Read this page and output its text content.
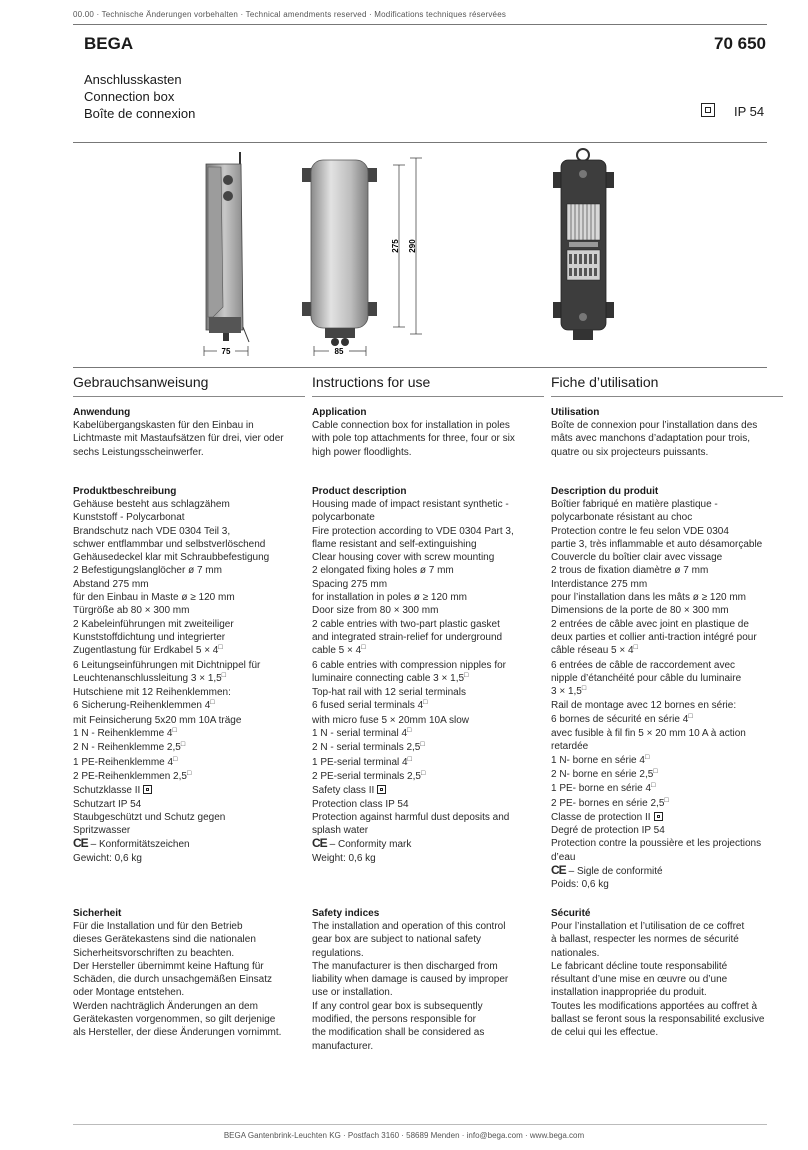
00.00 · Technische Änderungen vorbehalten · Technical amendments reserved · Modifications techniques réservées
BEGA	70 650
Anschlusskasten
Connection box
Boîte de connexion	IP 54
275 290
75	85
Gebrauchsanweisung
Anwendung
Kabelübergangskasten für den Einbau in
Lichtmaste mit Mastaufsätzen für drei, vier oder
sechs Leistungsscheinwerfer.
Produktbeschreibung
Gehäuse besteht aus schlagzähem
Kunststoff - Polycarbonat
Brandschutz nach VDE 0304 Teil 3,
schwer entflammbar und selbstverlöschend
Gehäusedeckel klar mit Schraubbefestigung
2 Befestigungslanglöcher ø 7 mm
Abstand 275 mm
für den Einbau in Maste ø ≥ 120 mm
Türgröße ab 80 × 300 mm
2 Kabeleinführungen mit zweiteiliger
Kunststoffdichtung und integrierter
Zugentlastung für Erdkabel 5 × 4□
6 Leitungseinführungen mit Dichtnippel für
Leuchtenanschlussleitung 3 × 1,5□
Hutschiene mit 12 Reihenklemmen:
6 Sicherung-Reihenklemmen 4□
mit Feinsicherung 5x20 mm 10A träge
1 N - Reihenklemme 4□
2 N - Reihenklemme 2,5□
1 PE-Reihenklemme 4□
2 PE-Reihenklemmen 2,5□
Schutzklasse II
Schutzart IP 54
Staubgeschützt und Schutz gegen
Spritzwasser
CE – Konformitätszeichen
Gewicht: 0,6 kg
Sicherheit
Für die Installation und für den Betrieb
dieses Gerätekastens sind die nationalen
Sicherheitsvorschriften zu beachten.
Der Hersteller übernimmt keine Haftung für
Schäden, die durch unsachgemäßen Einsatz
oder Montage entstehen.
Werden nachträglich Änderungen an dem
Gerätekasten vorgenommen, so gilt derjenige
als Hersteller, der diese Änderungen vornimmt.
Instructions for use
Application
Cable connection box for installation in poles
with pole top attachments for three, four or six
high power floodlights.
Product description
Housing made of impact resistant synthetic -
polycarbonate
Fire protection according to VDE 0304 Part 3,
flame resistant and self-extinguishing
Clear housing cover with screw mounting
2 elongated fixing holes ø 7 mm
Spacing 275 mm
for installation in poles ø ≥ 120 mm
Door size from 80 × 300 mm
2 cable entries with two-part plastic gasket
and integrated strain-relief for underground
cable 5 × 4□
6 cable entries with compression nipples for
luminaire connecting cable 3 × 1,5□
Top-hat rail with 12 serial terminals
6 fused serial terminals 4□
with micro fuse 5 × 20mm 10A slow
1 N - serial terminal 4□
2 N - serial terminals 2,5□
1 PE-serial terminal 4□
2 PE-serial terminals 2,5□
Safety class II
Protection class IP 54
Protection against harmful dust deposits and
splash water
CE – Conformity mark
Weight: 0,6 kg
Safety indices
The installation and operation of this control
gear box are subject to national safety
regulations.
The manufacturer is then discharged from
liability when damage is caused by improper
use or installation.
If any control gear box is subsequently
modified, the persons responsible for
the modification shall be considered as
manufacturer.
Fiche d’utilisation
Utilisation
Boîte de connexion pour l’installation dans des
mâts avec manchons d’adaptation pour trois,
quatre ou six projecteurs puissants.
Description du produit
Boîtier fabriqué en matière plastique -
polycarbonate résistant au choc
Protection contre le feu selon VDE 0304
partie 3, très inflammable et auto désamorçable
Couvercle du boîtier clair avec vissage
2 trous de fixation diamètre ø 7 mm
Interdistance 275 mm
pour l’installation dans les mâts ø ≥ 120 mm
Dimensions de la porte de 80 × 300 mm
2 entrées de câble avec joint en plastique de
deux parties et collier anti-traction intégré pour
câble réseau 5 × 4□
6 entrées de câble de raccordement avec
nipple d’étanchéité pour câble du luminaire
3 × 1,5□
Rail de montage avec 12 bornes en série:
6 bornes de sécurité en série 4□
avec fusible à fil fin 5 × 20 mm 10 A à action
retardée
1 N- borne en série 4□
2 N- borne en série 2,5□
1 PE- borne en série 4□
2 PE- bornes en série 2,5□
Classe de protection II
Degré de protection IP 54
Protection contre la poussière et les projections
d’eau
CE – Sigle de conformité
Poids: 0,6 kg
Sécurité
Pour l’installation et l’utilisation de ce coffret
à ballast, respecter les normes de sécurité
nationales.
Le fabricant décline toute responsabilité
résultant d’une mise en œuvre ou d’une
installation inappropriée du produit.
Toutes les modifications apportées au coffret à
ballast se feront sous la responsabilité exclusive
de celui qui les effectue.
BEGA Gantenbrink-Leuchten KG · Postfach 3160 · 58689 Menden · info@bega.com · www.bega.com
